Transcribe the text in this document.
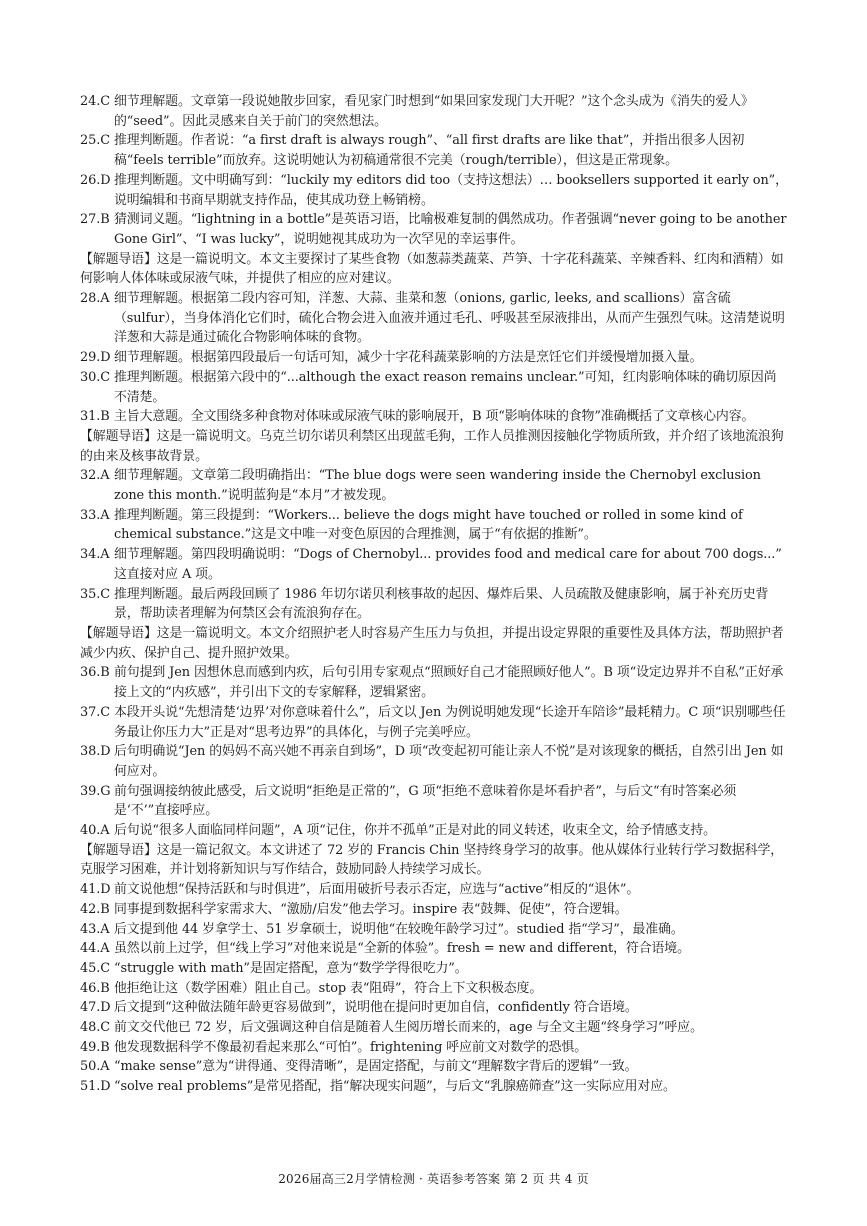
24.C 细节理解题。文章第一段说她散步回家，看见家门时想到“如果回家发现门大开呢？”这个念头成为《消失的爱人》的“seed”。因此灵感来自关于前门的突然想法。
25.C 推理判断题。作者说：“a first draft is always rough”、“all first drafts are like that”，并指出很多人因初稿“feels terrible”而放弃。这说明她认为初稿通常很不完美（rough/terrible），但这是正常现象。
26.D 推理判断题。文中明确写到：“luckily my editors did too（支持这想法）… booksellers supported it early on”，说明编辑和书商早期就支持作品，使其成功登上畅销榜。
27.B 猜测词义题。“lightning in a bottle”是英语习语，比喻极难复制的偶然成功。作者强调“never going to be another Gone Girl”、“I was lucky”，说明她视其成功为一次罕见的幸运事件。
【解题导语】这是一篇说明文。本文主要探讨了某些食物（如葱蒜类蔬菜、芦笋、十字花科蔬菜、辛辣香料、红肉和酒精）如何影响人体体味或尿液气味，并提供了相应的应对建议。
28.A 细节理解题。根据第二段内容可知，洋葱、大蒜、韭菜和葱（onions, garlic, leeks, and scallions）富含硫（sulfur），当身体消化它们时，硫化合物会进入血液并通过毛孔、呼吸甚至尿液排出，从而产生强烈气味。这清楚说明洋葱和大蒜是通过硫化合物影响体味的食物。
29.D 细节理解题。根据第四段最后一句话可知，减少十字花科蔬菜影响的方法是烹饪它们并缓慢增加摄入量。
30.C 推理判断题。根据第六段中的“...although the exact reason remains unclear.”可知，红肉影响体味的确切原因尚不清楚。
31.B 主旨大意题。全文围绕多种食物对体味或尿液气味的影响展开，B 项“影响体味的食物”准确概括了文章核心内容。
【解题导语】这是一篇说明文。乌克兰切尔诺贝利禁区出现蓝毛狗，工作人员推测因接触化学物质所致，并介绍了该地流浪狗的由来及核事故背景。
32.A 细节理解题。文章第二段明确指出：“The blue dogs were seen wandering inside the Chernobyl exclusion zone this month.”说明蓝狗是“本月”才被发现。
33.A 推理判断题。第三段提到：“Workers... believe the dogs might have touched or rolled in some kind of chemical substance.”这是文中唯一对变色原因的合理推测，属于“有依据的推断”。
34.A 细节理解题。第四段明确说明：“Dogs of Chernobyl... provides food and medical care for about 700 dogs...” 这直接对应 A 项。
35.C 推理判断题。最后两段回顾了 1986 年切尔诺贝利核事故的起因、爆炸后果、人员疏散及健康影响，属于补充历史背景，帮助读者理解为何禁区会有流浪狗存在。
【解题导语】这是一篇说明文。本文介绍照护老人时容易产生压力与负担，并提出设定界限的重要性及具体方法，帮助照护者减少内疚、保护自己、提升照护效果。
36.B 前句提到 Jen 因想休息而感到内疚，后句引用专家观点“照顾好自己才能照顾好他人”。B 项“设定边界并不自私”正好承接上文的“内疚感”，并引出下文的专家解释，逻辑紧密。
37.C 本段开头说“先想清楚‘边界’对你意味着什么”，后文以 Jen 为例说明她发现“长途开车陪诊”最耗精力。C 项“识别哪些任务最让你压力大”正是对“思考边界”的具体化，与例子完美呼应。
38.D 后句明确说“Jen 的妈妈不高兴她不再亲自到场”，D 项“改变起初可能让亲人不悦”是对该现象的概括，自然引出 Jen 如何应对。
39.G 前句强调接纳彼此感受，后文说明“拒绝是正常的”，G 项“拒绝不意味着你是坏看护者”，与后文“有时答案必须是‘不’”直接呼应。
40.A 后句说“很多人面临同样问题”，A 项“记住，你并不孤单”正是对此的同义转述，收束全文，给予情感支持。
【解题导语】这是一篇记叙文。本文讲述了 72 岁的 Francis Chin 坚持终身学习的故事。他从媒体行业转行学习数据科学，克服学习困难，并计划将新知识与写作结合，鼓励同龄人持续学习成长。
41.D 前文说他想“保持活跃和与时俱进”，后面用破折号表示否定，应选与“active”相反的“退休”。
42.B 同事提到数据科学家需求大、“激励/启发”他去学习。inspire 表“鼓舞、促使”，符合逻辑。
43.A 后文提到他 44 岁拿学士、51 岁拿硕士，说明他“在较晚年龄学习过”。studied 指“学习”，最准确。
44.A 虽然以前上过学，但“线上学习”对他来说是“全新的体验”。fresh = new and different，符合语境。
45.C “struggle with math”是固定搭配，意为“数学学得很吃力”。
46.B 他拒绝让这（数学困难）阻止自己。stop 表“阻碍”，符合上下文积极态度。
47.D 后文提到“这种做法随年龄更容易做到”，说明他在提问时更加自信，confidently 符合语境。
48.C 前文交代他已 72 岁，后文强调这种自信是随着人生阅历增长而来的，age 与全文主题“终身学习”呼应。
49.B 他发现数据科学不像最初看起来那么“可怕”。frightening 呼应前文对数学的恐惧。
50.A “make sense”意为“讲得通、变得清晰”，是固定搭配，与前文“理解数字背后的逻辑”一致。
51.D “solve real problems”是常见搭配，指“解决现实问题”，与后文“乳腺癌筛查”这一实际应用对应。
2026届高三2月学情检测 · 英语参考答案 第 2 页 共 4 页
